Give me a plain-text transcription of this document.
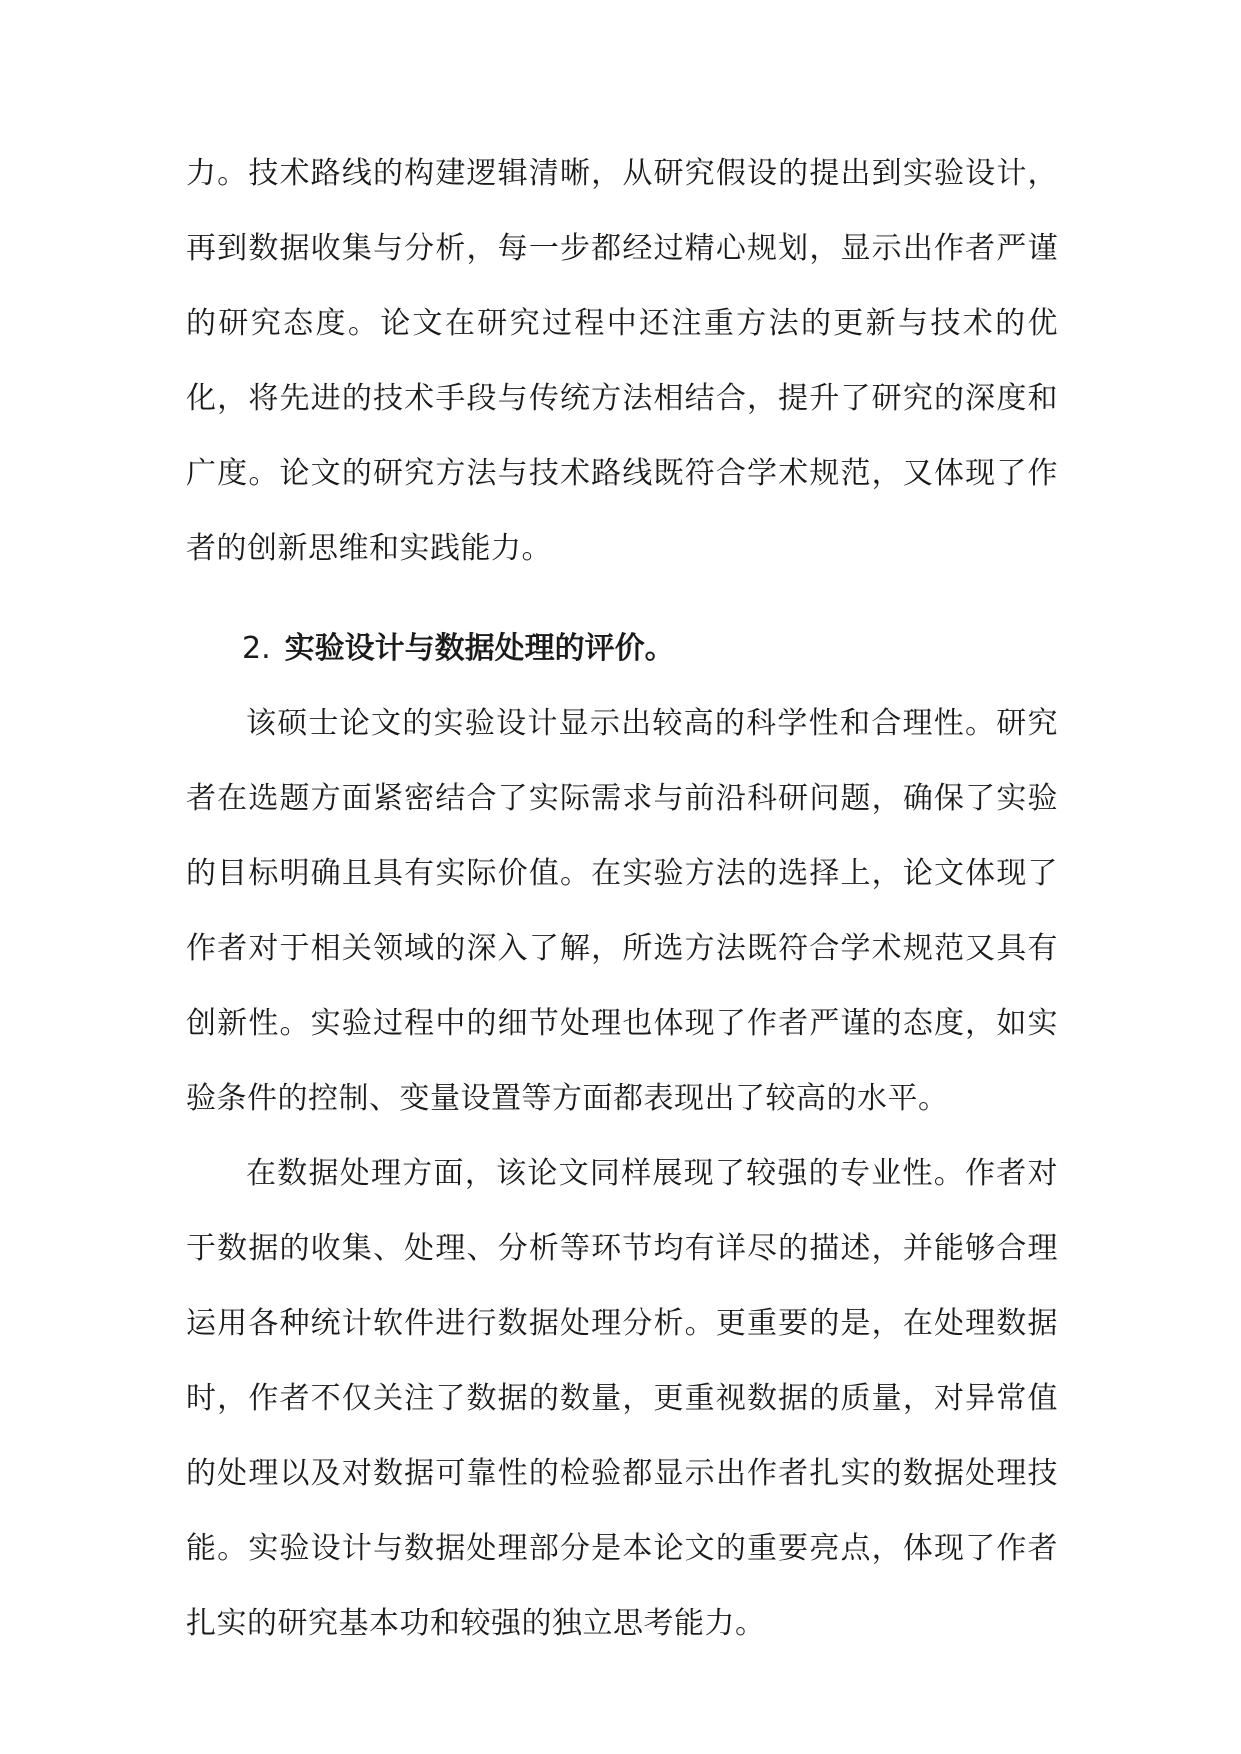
力。技术路线的构建逻辑清晰，从研究假设的提出到实验设计，再到数据收集与分析，每一步都经过精心规划，显示出作者严谨的研究态度。论文在研究过程中还注重方法的更新与技术的优化，将先进的技术手段与传统方法相结合，提升了研究的深度和广度。论文的研究方法与技术路线既符合学术规范，又体现了作者的创新思维和实践能力。

2. 实验设计与数据处理的评价。

该硕士论文的实验设计显示出较高的科学性和合理性。研究者在选题方面紧密结合了实际需求与前沿科研问题，确保了实验的目标明确且具有实际价值。在实验方法的选择上，论文体现了作者对于相关领域的深入了解，所选方法既符合学术规范又具有创新性。实验过程中的细节处理也体现了作者严谨的态度，如实验条件的控制、变量设置等方面都表现出了较高的水平。

在数据处理方面，该论文同样展现了较强的专业性。作者对于数据的收集、处理、分析等环节均有详尽的描述，并能够合理运用各种统计软件进行数据处理分析。更重要的是，在处理数据时，作者不仅关注了数据的数量，更重视数据的质量，对异常值的处理以及对数据可靠性的检验都显示出作者扎实的数据处理技能。实验设计与数据处理部分是本论文的重要亮点，体现了作者扎实的研究基本功和较强的独立思考能力。
